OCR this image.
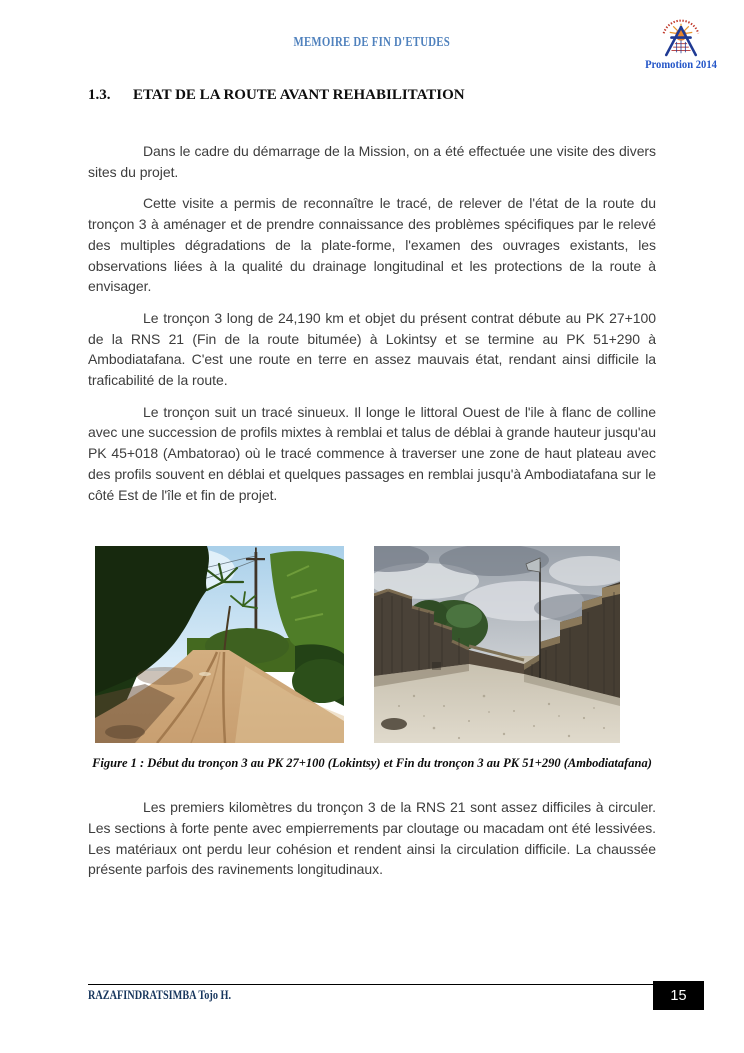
MEMOIRE DE FIN D'ETUDES
Promotion 2014
1.3.	ETAT DE LA ROUTE AVANT REHABILITATION

Dans le cadre du démarrage de la Mission, on a été effectuée une visite des divers sites du projet.

Cette visite a permis de reconnaître le tracé, de relever de l'état de la route du tronçon 3 à aménager et de prendre connaissance des problèmes spécifiques par le relevé des multiples dégradations de la plate-forme, l'examen des ouvrages existants, les observations liées à la qualité du drainage longitudinal et les protections de la route à envisager.

Le tronçon 3 long de 24,190 km et objet du présent contrat débute au PK 27+100 de la RNS 21 (Fin de la route bitumée) à Lokintsy et se termine au PK 51+290 à Ambodiatafana. C'est une route en terre en assez mauvais état, rendant ainsi difficile la traficabilité de la route.

Le tronçon suit un tracé sinueux. Il longe le littoral Ouest de l'ile à flanc de colline avec une succession de profils mixtes à remblai et talus de déblai à grande hauteur jusqu'au PK 45+018 (Ambatorao) où le tracé commence à traverser une zone de haut plateau avec des profils souvent en déblai et quelques passages en remblai jusqu'à Ambodiatafana sur le côté Est de l'île et fin de projet.

Figure 1 : Début du tronçon 3 au PK 27+100 (Lokintsy) et Fin du tronçon 3 au PK 51+290 (Ambodiatafana)

Les premiers kilomètres du tronçon 3 de la RNS 21 sont assez difficiles à circuler. Les sections à forte pente avec empierrements par cloutage ou macadam ont été lessivées. Les matériaux ont perdu leur cohésion et rendent ainsi la circulation difficile. La chaussée présente parfois des ravinements longitudinaux.

RAZAFINDRATSIMBA Tojo H.	15
